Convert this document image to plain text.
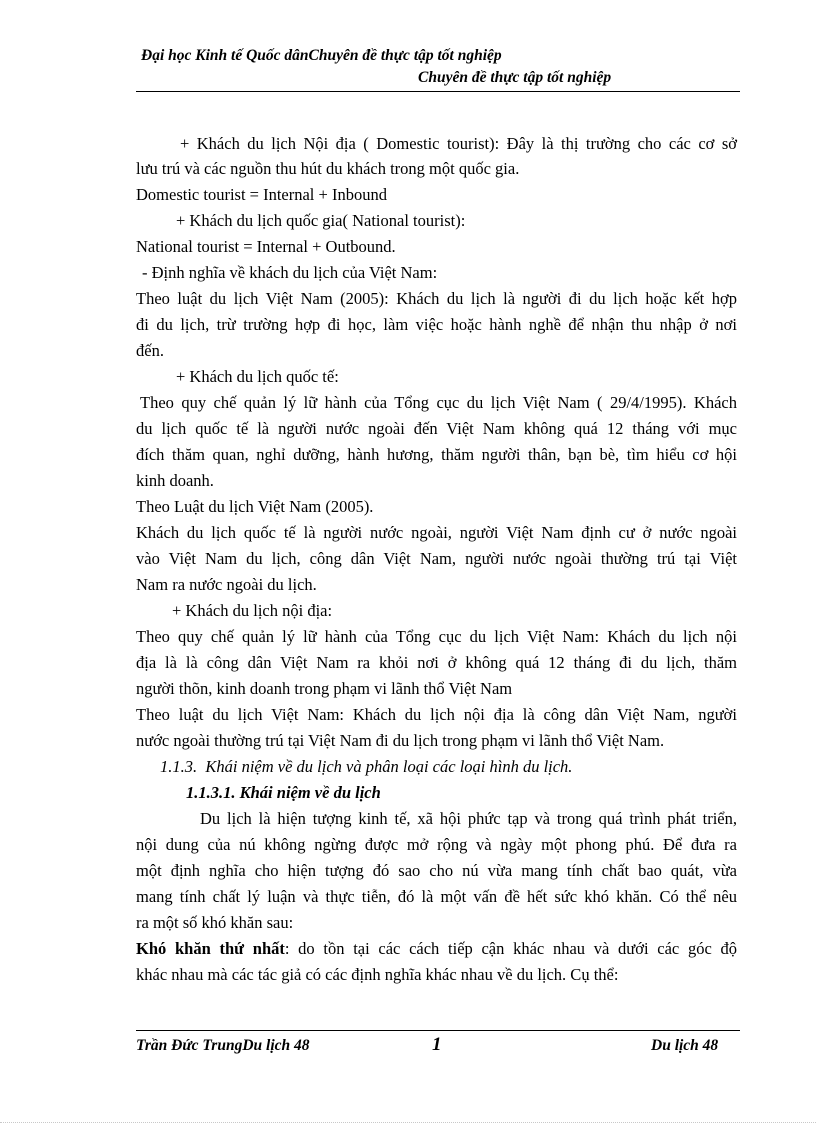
Đại học Kinh tế Quốc dânChuyên đề thực tập tốt nghiệp
Chuyên đề thực tập tốt nghiệp
+ Khách du lịch Nội địa ( Domestic tourist): Đây là thị trường cho các cơ sở
lưu trú và các nguồn thu hút du khách trong một quốc gia.
Domestic tourist = Internal + Inbound
+ Khách du lịch quốc gia( National tourist):
National tourist = Internal + Outbound.
- Định nghĩa về khách du lịch của Việt Nam:
Theo luật du lịch Việt Nam (2005): Khách du lịch là người đi du lịch hoặc kết hợp
đi du lịch, trừ trường hợp đi học, làm việc hoặc hành nghề để nhận thu nhập ở nơi
đến.
+ Khách du lịch quốc tế:
Theo quy chế quản lý lữ hành của Tổng cục du lịch Việt Nam ( 29/4/1995). Khách
du lịch quốc tế là người nước ngoài đến Việt Nam không quá 12 tháng với mục
đích thăm quan, nghỉ dưỡng, hành hương, thăm người thân, bạn bè, tìm hiểu cơ hội
kinh doanh.
Theo Luật du lịch Việt Nam (2005).
Khách du lịch quốc tế là người nước ngoài, người Việt Nam định cư ở nước ngoài
vào Việt Nam du lịch, công dân Việt Nam, người nước ngoài thường trú tại Việt
Nam ra nước ngoài du lịch.
+ Khách du lịch nội địa:
Theo quy chế quản lý lữ hành của Tổng cục du lịch Việt Nam: Khách du lịch nội
địa là là công dân Việt Nam ra khỏi nơi ở không quá 12 tháng đi du lịch, thăm
người thõn, kinh doanh trong phạm vi lãnh thổ Việt Nam
Theo luật du lịch Việt Nam: Khách du lịch nội địa là công dân Việt Nam, người
nước ngoài thường trú tại Việt Nam đi du lịch trong phạm vi lãnh thổ Việt Nam.
1.1.3. Khái niệm về du lịch và phân loại các loại hình du lịch.
1.1.3.1. Khái niệm về du lịch
Du lịch là hiện tượng kinh tế, xã hội phức tạp và trong quá trình phát triển,
nội dung của nú không ngừng được mở rộng và ngày một phong phú. Để đưa ra
một định nghĩa cho hiện tượng đó sao cho nú vừa mang tính chất bao quát, vừa
mang tính chất lý luận và thực tiễn, đó là một vấn đề hết sức khó khăn. Có thể nêu
ra một số khó khăn sau:
Khó khăn thứ nhất: do tồn tại các cách tiếp cận khác nhau và dưới các góc độ
khác nhau mà các tác giả có các định nghĩa khác nhau về du lịch. Cụ thể:
Trần Đức TrungDu lịch 48	1	Du lịch 48
